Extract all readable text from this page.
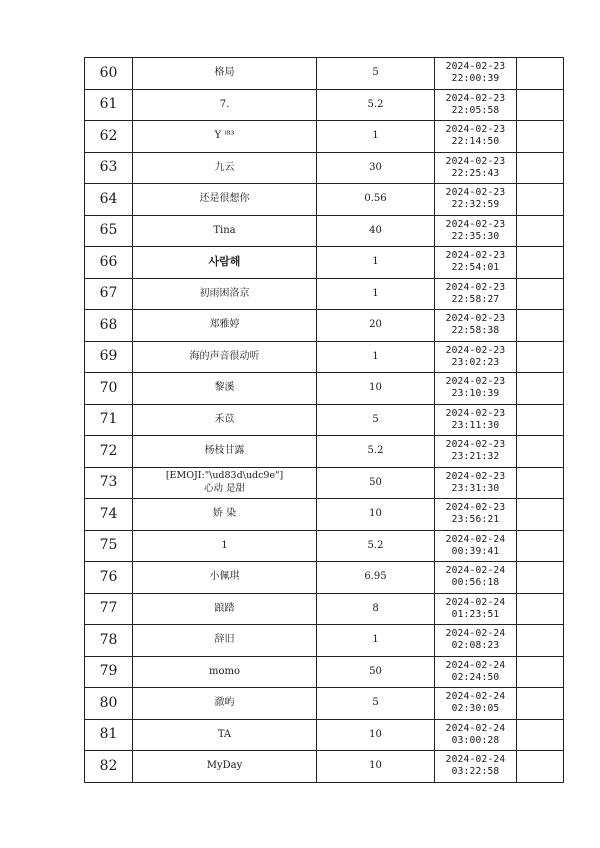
60	格局	5	2024-02-23
22:00:39	

61	7.	5.2	2024-02-23
22:05:58	

62	Y ⁱ⁸³	1	2024-02-23
22:14:50	

63	九云	30	2024-02-23
22:25:43	

64	还是很想你	0.56	2024-02-23
22:32:59	

65	Tina	40	2024-02-23
22:35:30	

66	사람해	1	2024-02-23
22:54:01	

67	初雨困洛京	1	2024-02-23
22:58:27	

68	郑雅婷	20	2024-02-23
22:58:38	

69	海的声音很动听	1	2024-02-23
23:02:23	

70	黎溪	10	2024-02-23
23:10:39	

71	禾苡	5	2024-02-23
23:11:30	

72	杨枝甘露	5.2	2024-02-23
23:21:32	

73	[EMOJI:"\ud83d\udc9e"]
心动 是甜	50	2024-02-23
23:31:30	

74	娇 染	10	2024-02-23
23:56:21	

75	1	5.2	2024-02-24
00:39:41	

76	小佩琪	6.95	2024-02-24
00:56:18	

77	踉踏	8	2024-02-24
01:23:51	

78	辞旧	1	2024-02-24
02:08:23	

79	momo	50	2024-02-24
02:24:50	

80	澈屿	5	2024-02-24
02:30:05	

81	TA	10	2024-02-24
03:00:28	

82	MyDay	10	2024-02-24
03:22:58	
